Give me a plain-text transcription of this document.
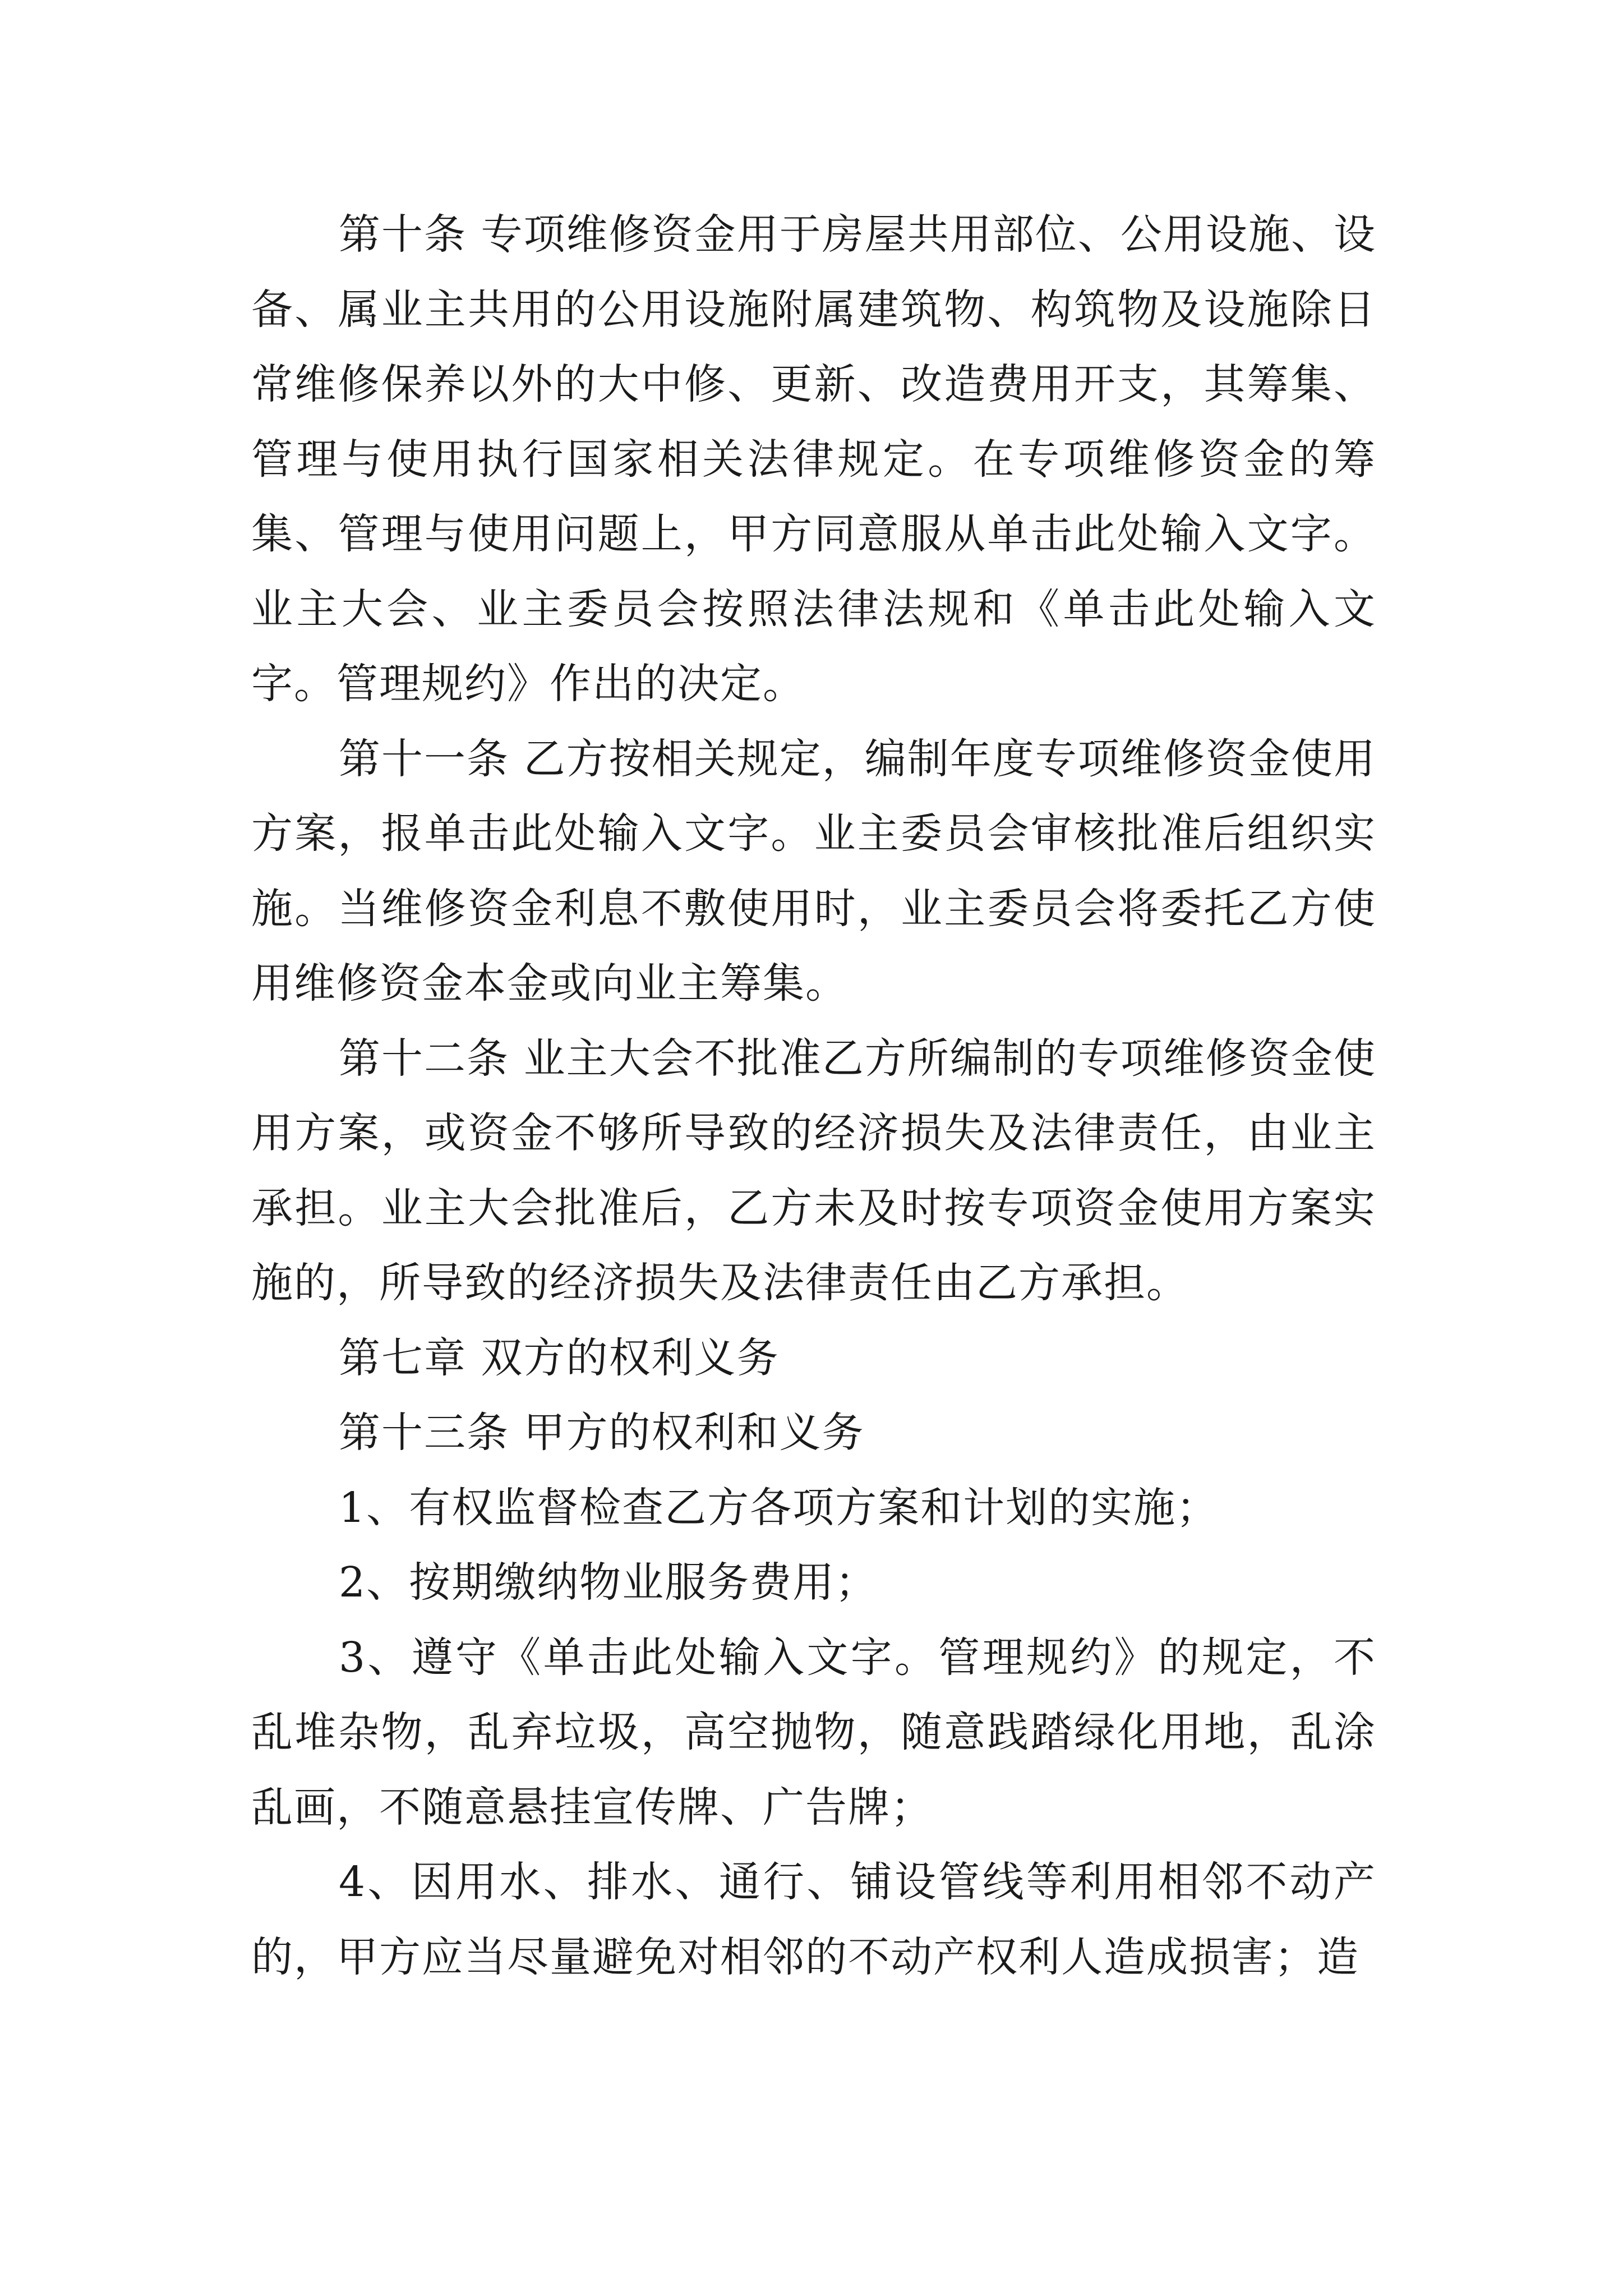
第十条 专项维修资金用于房屋共用部位、公用设施、设备、属业主共用的公用设施附属建筑物、构筑物及设施除日常维修保养以外的大中修、更新、改造费用开支，其筹集、管理与使用执行国家相关法律规定。在专项维修资金的筹集、管理与使用问题上，甲方同意服从单击此处输入文字。业主大会、业主委员会按照法律法规和《单击此处输入文字。管理规约》作出的决定。

第十一条 乙方按相关规定，编制年度专项维修资金使用方案，报单击此处输入文字。业主委员会审核批准后组织实施。当维修资金利息不敷使用时，业主委员会将委托乙方使用维修资金本金或向业主筹集。

第十二条 业主大会不批准乙方所编制的专项维修资金使用方案，或资金不够所导致的经济损失及法律责任，由业主承担。业主大会批准后，乙方未及时按专项资金使用方案实施的，所导致的经济损失及法律责任由乙方承担。

第七章 双方的权利义务

第十三条 甲方的权利和义务

1、有权监督检查乙方各项方案和计划的实施；

2、按期缴纳物业服务费用；

3、遵守《单击此处输入文字。管理规约》的规定，不乱堆杂物，乱弃垃圾，高空抛物，随意践踏绿化用地，乱涂乱画，不随意悬挂宣传牌、广告牌；

4、因用水、排水、通行、铺设管线等利用相邻不动产的，甲方应当尽量避免对相邻的不动产权利人造成损害；造
